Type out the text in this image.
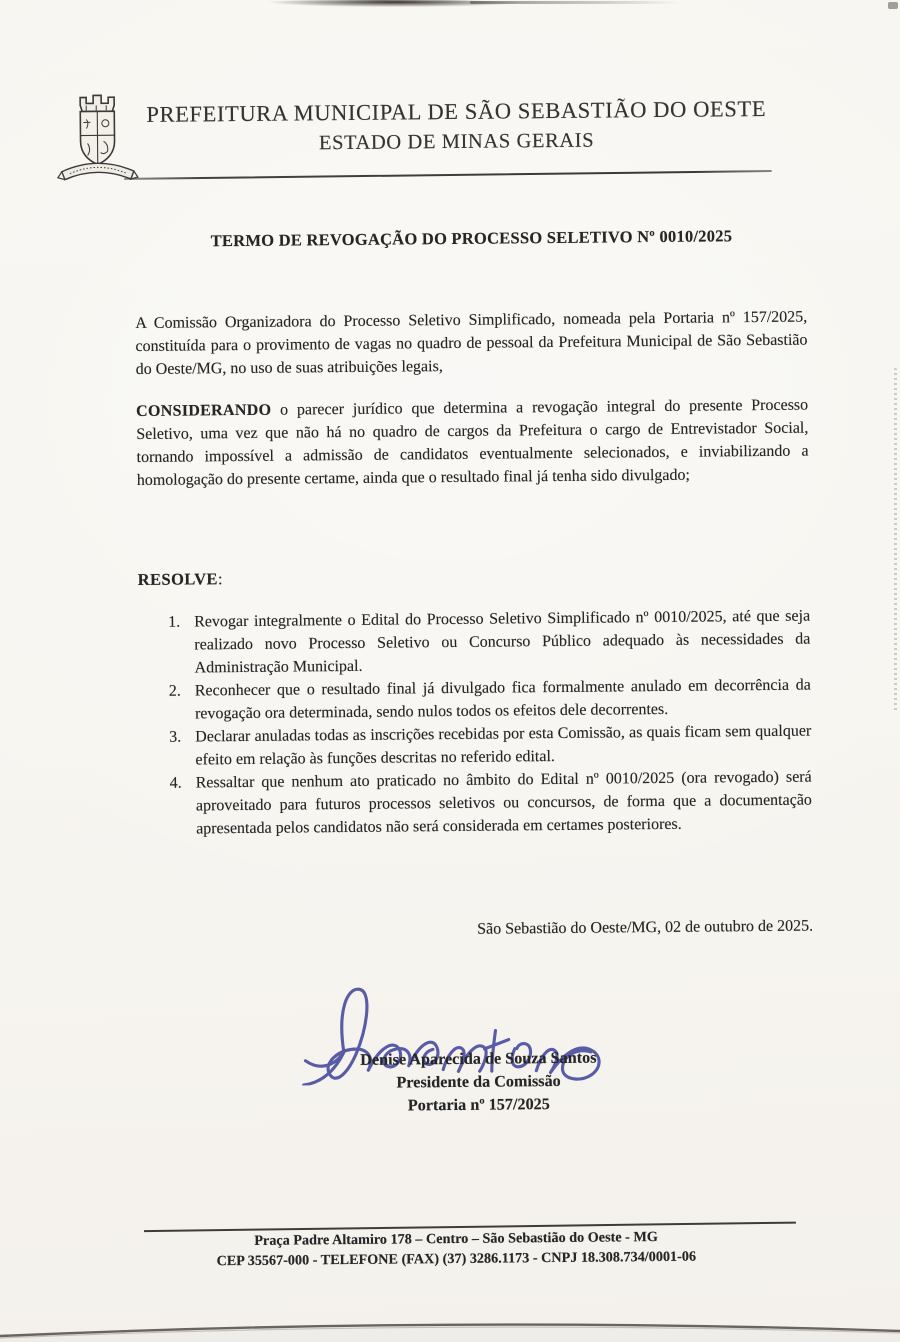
PREFEITURA MUNICIPAL DE SÃO SEBASTIÃO DO OESTE
ESTADO DE MINAS GERAIS
TERMO DE REVOGAÇÃO DO PROCESSO SELETIVO Nº 0010/2025
A Comissão Organizadora do Processo Seletivo Simplificado, nomeada pela Portaria nº 157/2025, constituída para o provimento de vagas no quadro de pessoal da Prefeitura Municipal de São Sebastião do Oeste/MG, no uso de suas atribuições legais,
CONSIDERANDO o parecer jurídico que determina a revogação integral do presente Processo Seletivo, uma vez que não há no quadro de cargos da Prefeitura o cargo de Entrevistador Social, tornando impossível a admissão de candidatos eventualmente selecionados, e inviabilizando a homologação do presente certame, ainda que o resultado final já tenha sido divulgado;
RESOLVE:
1. Revogar integralmente o Edital do Processo Seletivo Simplificado nº 0010/2025, até que seja realizado novo Processo Seletivo ou Concurso Público adequado às necessidades da Administração Municipal.
2. Reconhecer que o resultado final já divulgado fica formalmente anulado em decorrência da revogação ora determinada, sendo nulos todos os efeitos dele decorrentes.
3. Declarar anuladas todas as inscrições recebidas por esta Comissão, as quais ficam sem qualquer efeito em relação às funções descritas no referido edital.
4. Ressaltar que nenhum ato praticado no âmbito do Edital nº 0010/2025 (ora revogado) será aproveitado para futuros processos seletivos ou concursos, de forma que a documentação apresentada pelos candidatos não será considerada em certames posteriores.
São Sebastião do Oeste/MG, 02 de outubro de 2025.
Denise Aparecida de Souza Santos
Presidente da Comissão
Portaria nº 157/2025
Praça Padre Altamiro 178 – Centro – São Sebastião do Oeste - MG
CEP 35567-000 - TELEFONE (FAX) (37) 3286.1173 - CNPJ 18.308.734/0001-06
